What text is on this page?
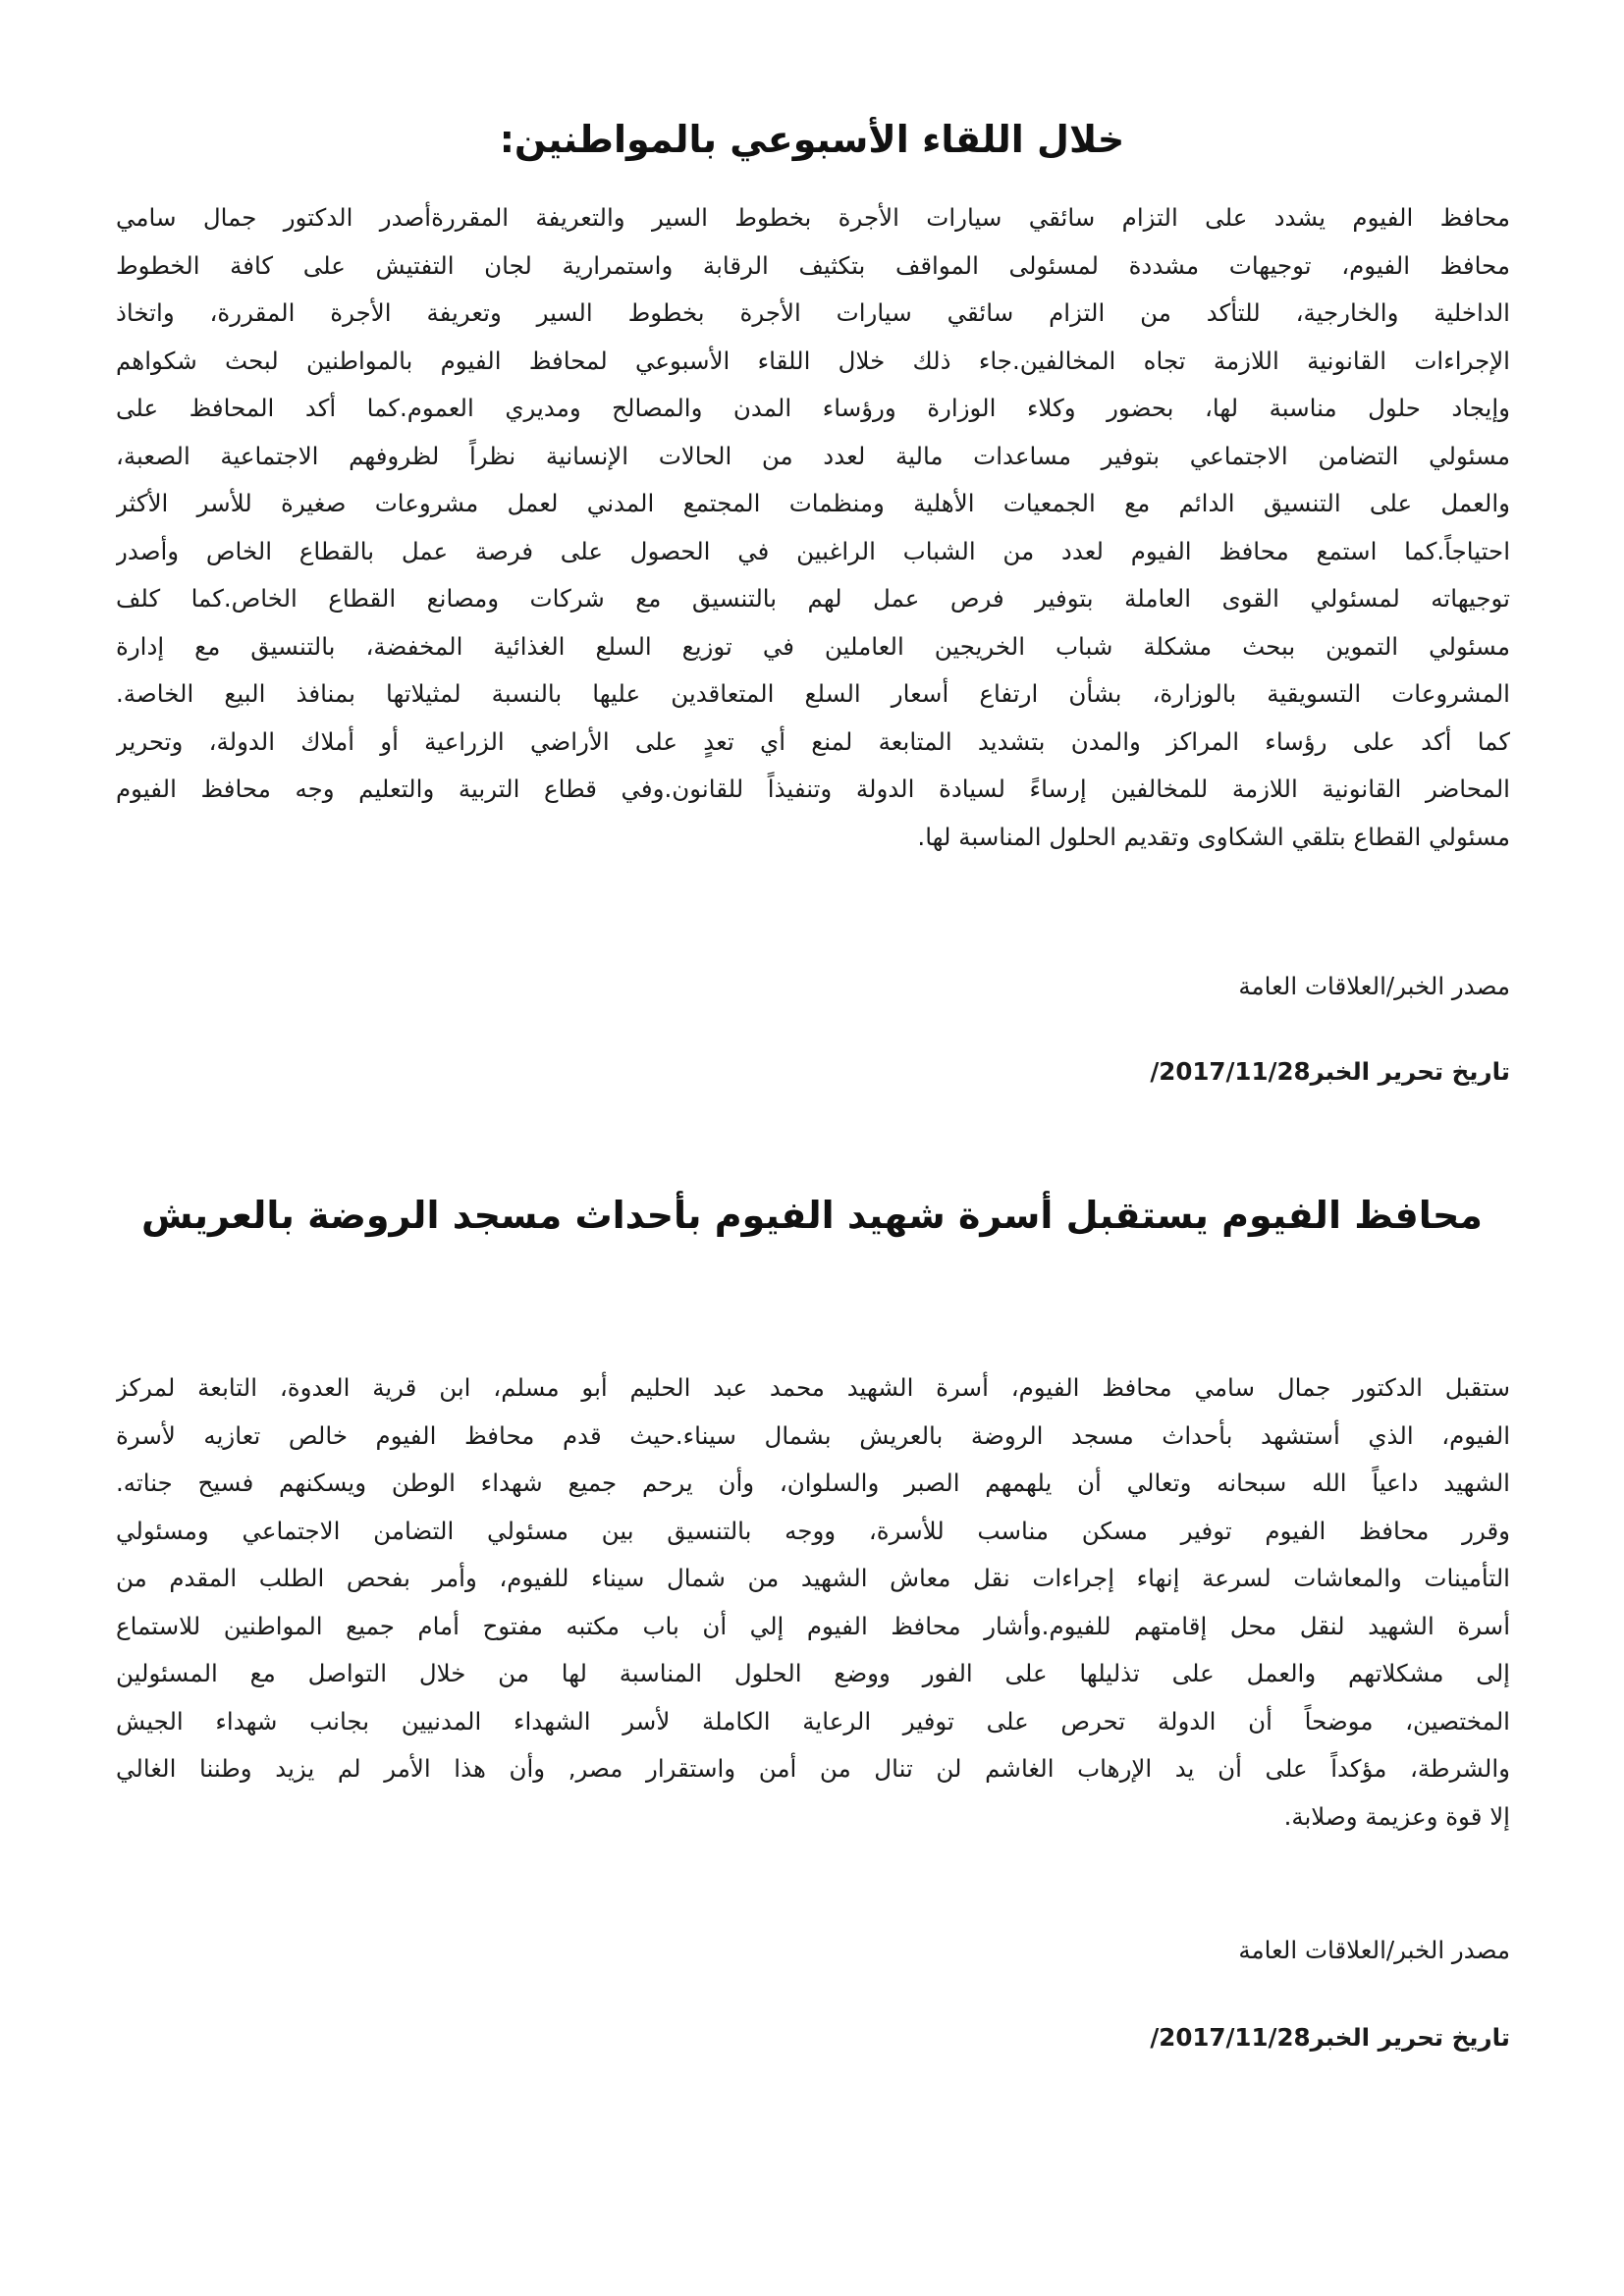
خلال اللقاء الأسبوعي بالمواطنين:
محافظ الفيوم يشدد على التزام سائقي سيارات الأجرة بخطوط السير والتعريفة المقررةأصدر الدكتور جمال سامي
محافظ الفيوم، توجيهات مشددة لمسئولى المواقف بتكثيف الرقابة واستمرارية لجان التفتيش على كافة الخطوط
الداخلية والخارجية، للتأكد من التزام سائقي سيارات الأجرة بخطوط السير وتعريفة الأجرة المقررة، واتخاذ
الإجراءات القانونية اللازمة تجاه المخالفين.جاء ذلك خلال اللقاء الأسبوعي لمحافظ الفيوم بالمواطنين لبحث شكواهم
وإيجاد حلول مناسبة لها، بحضور وكلاء الوزارة ورؤساء المدن والمصالح ومديري العموم.كما أكد المحافظ على
مسئولي التضامن الاجتماعي بتوفير مساعدات مالية لعدد من الحالات الإنسانية نظراً لظروفهم الاجتماعية الصعبة،
والعمل على التنسيق الدائم مع الجمعيات الأهلية ومنظمات المجتمع المدني لعمل مشروعات صغيرة للأسر الأكثر
احتياجاً.كما استمع محافظ الفيوم لعدد من الشباب الراغبين في الحصول على فرصة عمل بالقطاع الخاص وأصدر
توجيهاته لمسئولي القوى العاملة بتوفير فرص عمل لهم بالتنسيق مع شركات ومصانع القطاع الخاص.كما كلف
مسئولي التموين ببحث مشكلة شباب الخريجين العاملين في توزيع السلع الغذائية المخفضة، بالتنسيق مع إدارة
المشروعات التسويقية بالوزارة، بشأن ارتفاع أسعار السلع المتعاقدين عليها بالنسبة لمثيلاتها بمنافذ البيع الخاصة.
كما أكد على رؤساء المراكز والمدن بتشديد المتابعة لمنع أي تعدٍ على الأراضي الزراعية أو أملاك الدولة، وتحرير
المحاضر القانونية اللازمة للمخالفين إرساءً لسيادة الدولة وتنفيذاً للقانون.وفي قطاع التربية والتعليم وجه محافظ الفيوم
مسئولي القطاع بتلقي الشكاوى وتقديم الحلول المناسبة لها.
مصدر الخبر/العلاقات العامة
تاريخ تحرير الخبر2017/11/28/
محافظ الفيوم يستقبل أسرة شهيد الفيوم بأحداث مسجد الروضة بالعريش
ستقبل الدكتور جمال سامي محافظ الفيوم، أسرة الشهيد محمد عبد الحليم أبو مسلم، ابن قرية العدوة، التابعة لمركز
الفيوم، الذي أستشهد بأحداث مسجد الروضة بالعريش بشمال سيناء.حيث قدم محافظ الفيوم خالص تعازيه لأسرة
الشهيد داعياً الله سبحانه وتعالي أن يلهمهم الصبر والسلوان، وأن يرحم جميع شهداء الوطن ويسكنهم فسيح جناته.
وقرر محافظ الفيوم توفير مسكن مناسب للأسرة، ووجه بالتنسيق بين مسئولي التضامن الاجتماعي ومسئولي
التأمينات والمعاشات لسرعة إنهاء إجراءات نقل معاش الشهيد من شمال سيناء للفيوم، وأمر بفحص الطلب المقدم من
أسرة الشهيد لنقل محل إقامتهم للفيوم.وأشار محافظ الفيوم إلي أن باب مكتبه مفتوح أمام جميع المواطنين للاستماع
إلى مشكلاتهم والعمل على تذليلها على الفور ووضع الحلول المناسبة لها من خلال التواصل مع المسئولين
المختصين، موضحاً أن الدولة تحرص على توفير الرعاية الكاملة لأسر الشهداء المدنيين بجانب شهداء الجيش
والشرطة، مؤكداً على أن يد الإرهاب الغاشم لن تنال من أمن واستقرار مصر, وأن هذا الأمر لم يزيد وطننا الغالي
إلا قوة وعزيمة وصلابة.
مصدر الخبر/العلاقات العامة
تاريخ تحرير الخبر2017/11/28/
